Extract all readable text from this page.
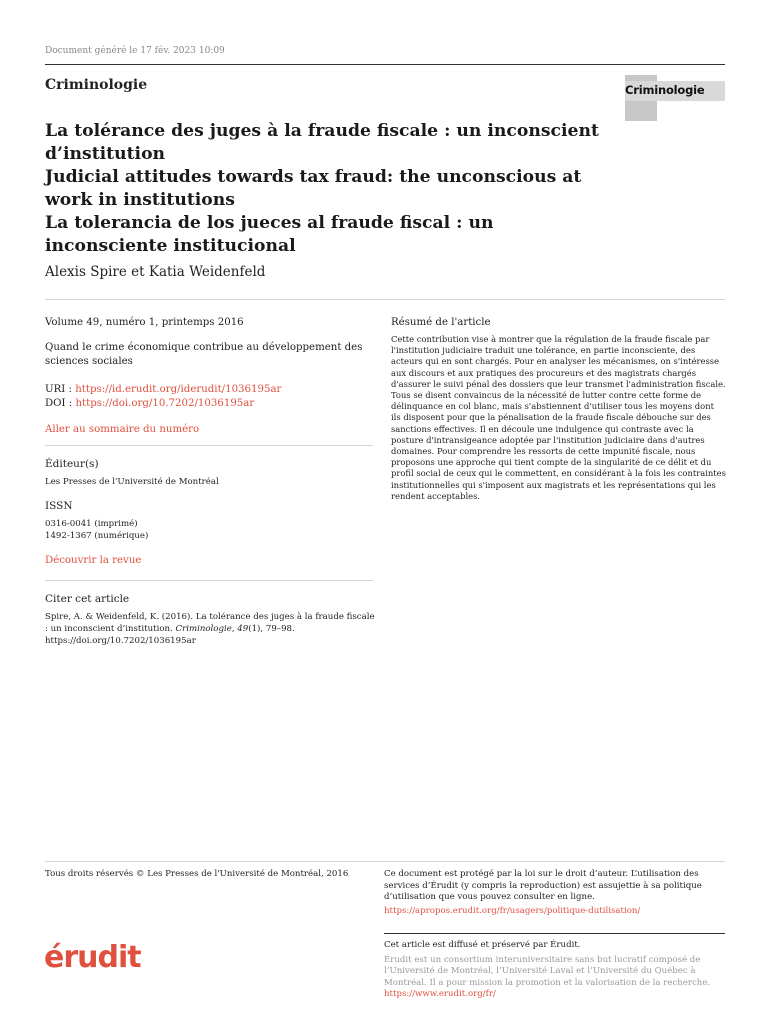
Document généré le 17 fév. 2023 10:09
Criminologie	Criminologie

La tolérance des juges à la fraude fiscale : un inconscient d’institution

Judicial attitudes towards tax fraud: the unconscious at work in institutions

La tolerancia de los jueces al fraude fiscal : un inconsciente institucional

Alexis Spire et Katia Weidenfeld

Volume 49, numéro 1, printemps 2016

Quand le crime économique contribue au développement des sciences sociales

URI : https://id.erudit.org/iderudit/1036195ar

DOI : https://doi.org/10.7202/1036195ar

Aller au sommaire du numéro

Éditeur(s)

Les Presses de l'Université de Montréal

ISSN

0316-0041 (imprimé)

1492-1367 (numérique)

Découvrir la revue

Citer cet article

Spire, A. & Weidenfeld, K. (2016). La tolérance des juges à la fraude fiscale : un inconscient d’institution. Criminologie, 49(1), 79–98.
https://doi.org/10.7202/1036195ar

Résumé de l'article

Cette contribution vise à montrer que la régulation de la fraude fiscale par l'institution judiciaire traduit une tolérance, en partie inconsciente, des acteurs qui en sont chargés. Pour en analyser les mécanismes, on s'intéresse aux discours et aux pratiques des procureurs et des magistrats chargés d'assurer le suivi pénal des dossiers que leur transmet l'administration fiscale. Tous se disent convaincus de la nécessité de lutter contre cette forme de délinquance en col blanc, mais s'abstiennent d'utiliser tous les moyens dont ils disposent pour que la pénalisation de la fraude fiscale débouche sur des sanctions effectives. Il en découle une indulgence qui contraste avec la posture d'intransigeance adoptée par l'institution judiciaire dans d'autres domaines. Pour comprendre les ressorts de cette impunité fiscale, nous proposons une approche qui tient compte de la singularité de ce délit et du profil social de ceux qui le commettent, en considérant à la fois les contraintes institutionnelles qui s'imposent aux magistrats et les représentations qui les rendent acceptables.

Tous droits réservés © Les Presses de l'Université de Montréal, 2016	Ce document est protégé par la loi sur le droit d’auteur. L’utilisation des services d’Érudit (y compris la reproduction) est assujettie à sa politique d’utilisation que vous pouvez consulter en ligne.
https://apropos.erudit.org/fr/usagers/politique-dutilisation/
érudit	Cet article est diffusé et préservé par Érudit.
Érudit est un consortium interuniversitaire sans but lucratif composé de l’Université de Montréal, l’Université Laval et l’Université du Québec à Montréal. Il a pour mission la promotion et la valorisation de la recherche.
https://www.erudit.org/fr/
